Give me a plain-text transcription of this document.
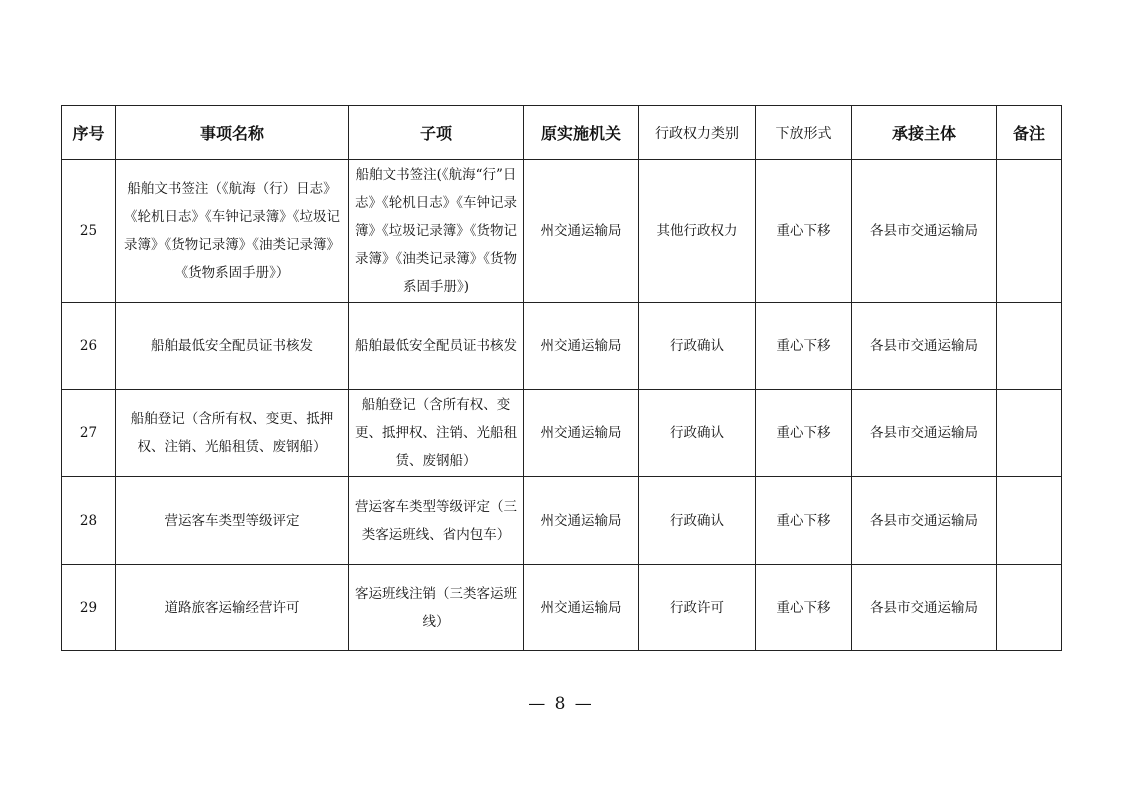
序号	事项名称	子项	原实施机关	行政权力类别	下放形式	承接主体	备注
25	船舶文书签注（《航海（行）日志》《轮机日志》《车钟记录簿》《垃圾记录簿》《货物记录簿》《油类记录簿》《货物系固手册》）	船舶文书签注(《航海“行”日志》《轮机日志》《车钟记录簿》《垃圾记录簿》《货物记录簿》《油类记录簿》《货物系固手册》)	州交通运输局	其他行政权力	重心下移	各县市交通运输局	
26	船舶最低安全配员证书核发	船舶最低安全配员证书核发	州交通运输局	行政确认	重心下移	各县市交通运输局	
27	船舶登记（含所有权、变更、抵押权、注销、光船租赁、废钢船）	船舶登记（含所有权、变更、抵押权、注销、光船租赁、废钢船）	州交通运输局	行政确认	重心下移	各县市交通运输局	
28	营运客车类型等级评定	营运客车类型等级评定（三类客运班线、省内包车）	州交通运输局	行政确认	重心下移	各县市交通运输局	
29	道路旅客运输经营许可	客运班线注销（三类客运班线）	州交通运输局	行政许可	重心下移	各县市交通运输局	
— 8 —
